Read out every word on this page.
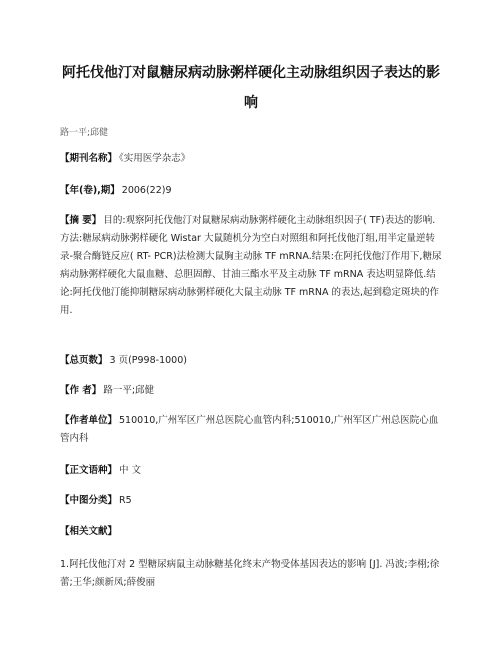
阿托伐他汀对鼠糖尿病动脉粥样硬化主动脉组织因子表达的影响
路一平;邱健
【期刊名称】 《实用医学杂志》
【年(卷),期】 2006(22)9
【摘 要】 目的:观察阿托伐他汀对鼠糖尿病动脉粥样硬化主动脉组织因子( TF)表达的影响.方法:糖尿病动脉粥样硬化 Wistar 大鼠随机分为空白对照组和阿托伐他汀组,用半定量逆转录-聚合酶链反应( RT- PCR)法检测大鼠胸主动脉 TF mRNA.结果:在阿托伐他汀作用下,糖尿病动脉粥样硬化大鼠血糖、总胆固醇、甘油三酯水平及主动脉 TF mRNA 表达明显降低.结论:阿托伐他汀能抑制糖尿病动脉粥样硬化大鼠主动脉 TF mRNA 的表达,起到稳定斑块的作用.
【总页数】 3 页(P998-1000)
【作 者】 路一平;邱健
【作者单位】 510010,广州军区广州总医院心血管内科;510010,广州军区广州总医院心血管内科
【正文语种】 中 文
【中图分类】 R5
【相关文献】
1.阿托伐他汀对 2 型糖尿病鼠主动脉糖基化终末产物受体基因表达的影响 [J]. 冯波;李栩;徐蕾;王华;颜新凤;薛俊丽
